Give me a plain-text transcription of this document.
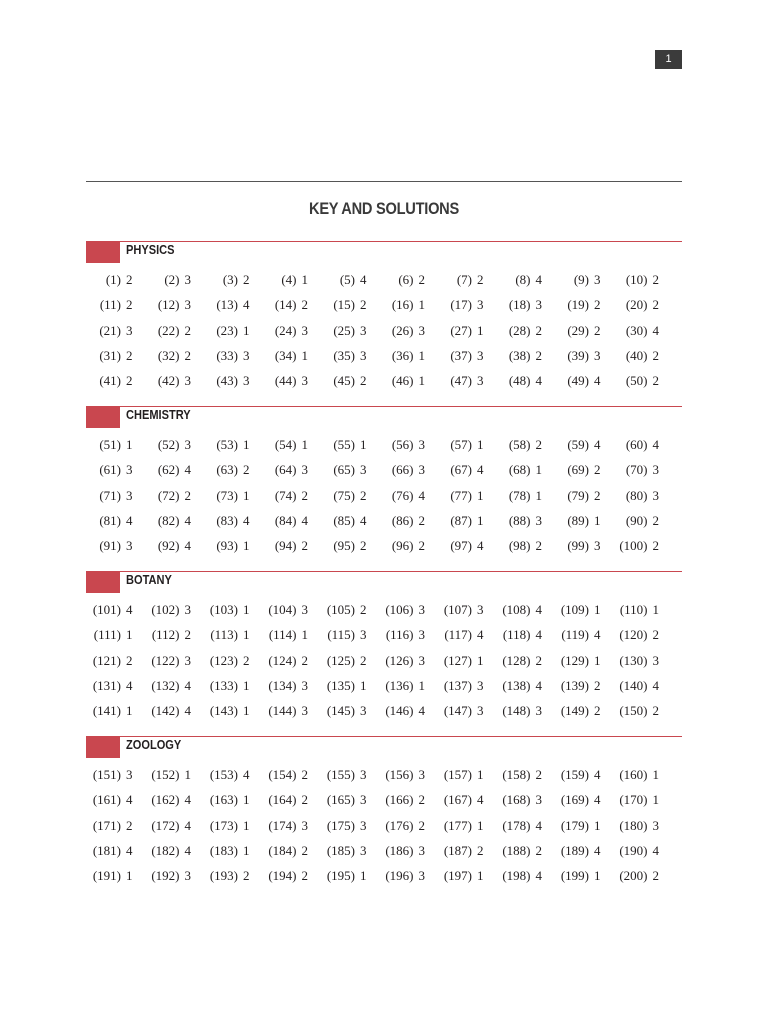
1
KEY AND SOLUTIONS
PHYSICS
(1) 2	(2) 3	(3) 2	(4) 1	(5) 4	(6) 2	(7) 2	(8) 4	(9) 3	(10) 2
(11) 2	(12) 3	(13) 4	(14) 2	(15) 2	(16) 1	(17) 3	(18) 3	(19) 2	(20) 2
(21) 3	(22) 2	(23) 1	(24) 3	(25) 3	(26) 3	(27) 1	(28) 2	(29) 2	(30) 4
(31) 2	(32) 2	(33) 3	(34) 1	(35) 3	(36) 1	(37) 3	(38) 2	(39) 3	(40) 2
(41) 2	(42) 3	(43) 3	(44) 3	(45) 2	(46) 1	(47) 3	(48) 4	(49) 4	(50) 2
CHEMISTRY
(51) 1	(52) 3	(53) 1	(54) 1	(55) 1	(56) 3	(57) 1	(58) 2	(59) 4	(60) 4
(61) 3	(62) 4	(63) 2	(64) 3	(65) 3	(66) 3	(67) 4	(68) 1	(69) 2	(70) 3
(71) 3	(72) 2	(73) 1	(74) 2	(75) 2	(76) 4	(77) 1	(78) 1	(79) 2	(80) 3
(81) 4	(82) 4	(83) 4	(84) 4	(85) 4	(86) 2	(87) 1	(88) 3	(89) 1	(90) 2
(91) 3	(92) 4	(93) 1	(94) 2	(95) 2	(96) 2	(97) 4	(98) 2	(99) 3	(100) 2
BOTANY
(101) 4	(102) 3	(103) 1	(104) 3	(105) 2	(106) 3	(107) 3	(108) 4	(109) 1	(110) 1
(111) 1	(112) 2	(113) 1	(114) 1	(115) 3	(116) 3	(117) 4	(118) 4	(119) 4	(120) 2
(121) 2	(122) 3	(123) 2	(124) 2	(125) 2	(126) 3	(127) 1	(128) 2	(129) 1	(130) 3
(131) 4	(132) 4	(133) 1	(134) 3	(135) 1	(136) 1	(137) 3	(138) 4	(139) 2	(140) 4
(141) 1	(142) 4	(143) 1	(144) 3	(145) 3	(146) 4	(147) 3	(148) 3	(149) 2	(150) 2
ZOOLOGY
(151) 3	(152) 1	(153) 4	(154) 2	(155) 3	(156) 3	(157) 1	(158) 2	(159) 4	(160) 1
(161) 4	(162) 4	(163) 1	(164) 2	(165) 3	(166) 2	(167) 4	(168) 3	(169) 4	(170) 1
(171) 2	(172) 4	(173) 1	(174) 3	(175) 3	(176) 2	(177) 1	(178) 4	(179) 1	(180) 3
(181) 4	(182) 4	(183) 1	(184) 2	(185) 3	(186) 3	(187) 2	(188) 2	(189) 4	(190) 4
(191) 1	(192) 3	(193) 2	(194) 2	(195) 1	(196) 3	(197) 1	(198) 4	(199) 1	(200) 2
